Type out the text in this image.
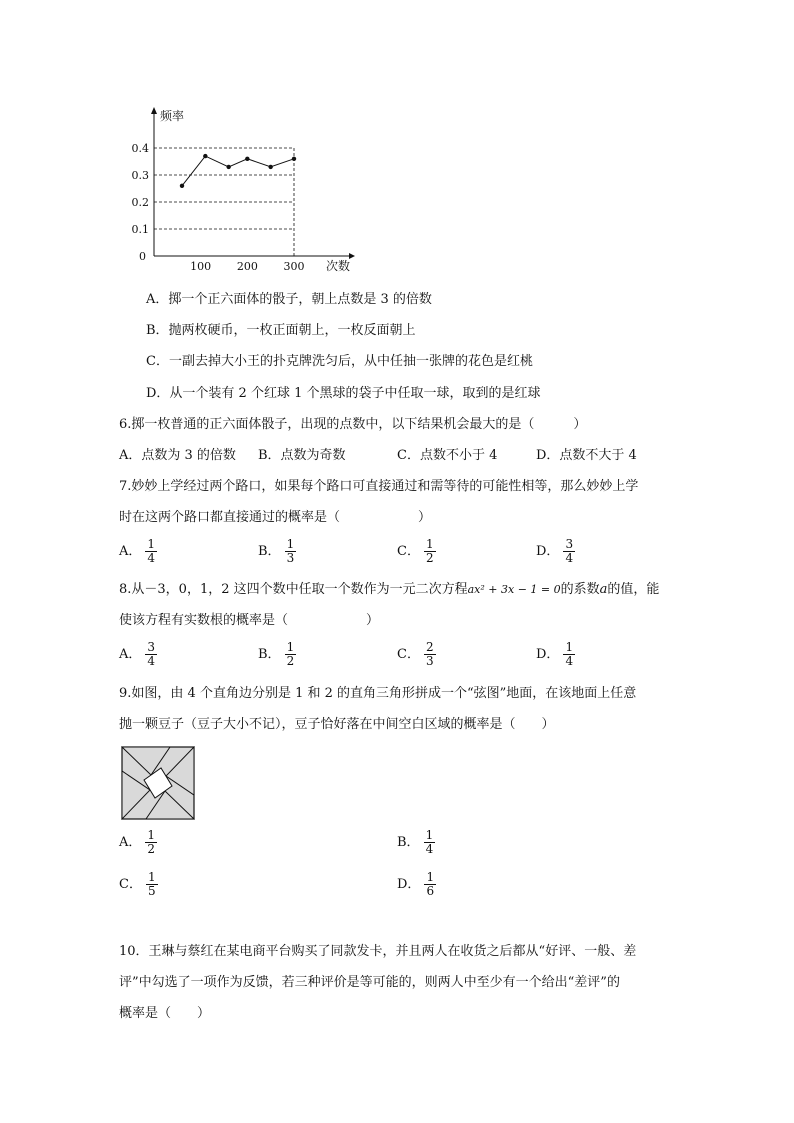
0.4
0.3
0.2
0.1
0
100 200 300
频率
次数
A．掷一个正六面体的骰子，朝上点数是 3 的倍数
B．抛两枚硬币，一枚正面朝上，一枚反面朝上
C．一副去掉大小王的扑克牌洗匀后，从中任抽一张牌的花色是红桃
D．从一个装有 2 个红球 1 个黑球的袋子中任取一球，取到的是红球
6.掷一枚普通的正六面体骰子，出现的点数中，以下结果机会最大的是（　　　）
A．点数为 3 的倍数 B．点数为奇数	C．点数不小于 4	D．点数不大于 4
7.妙妙上学经过两个路口，如果每个路口可直接通过和需等待的可能性相等，那么妙妙上学
时在这两个路口都直接通过的概率是（　　　　　　）
A． $\frac{1}{4}$	B． $\frac{1}{3}$	C． $\frac{1}{2}$	D． $\frac{3}{4}$
8.从－3，0，1，2 这四个数中任取一个数作为一元二次方程ax² + 3x − 1 = 0的系数a的值，能
使该方程有实数根的概率是（　　　　　　）
A． $\frac{3}{4}$	B． $\frac{1}{2}$	C． $\frac{2}{3}$	D． $\frac{1}{4}$
9.如图，由 4 个直角边分别是 1 和 2 的直角三角形拼成一个“弦图”地面，在该地面上任意
抛一颗豆子（豆子大小不记），豆子恰好落在中间空白区域的概率是（　　）
A． $\frac{1}{2}$	B． $\frac{1}{4}$
C． $\frac{1}{5}$	D． $\frac{1}{6}$
10．王琳与蔡红在某电商平台购买了同款发卡，并且两人在收货之后都从“好评、一般、差
评”中勾选了一项作为反馈，若三种评价是等可能的，则两人中至少有一个给出“差评”的
概率是（　　）
